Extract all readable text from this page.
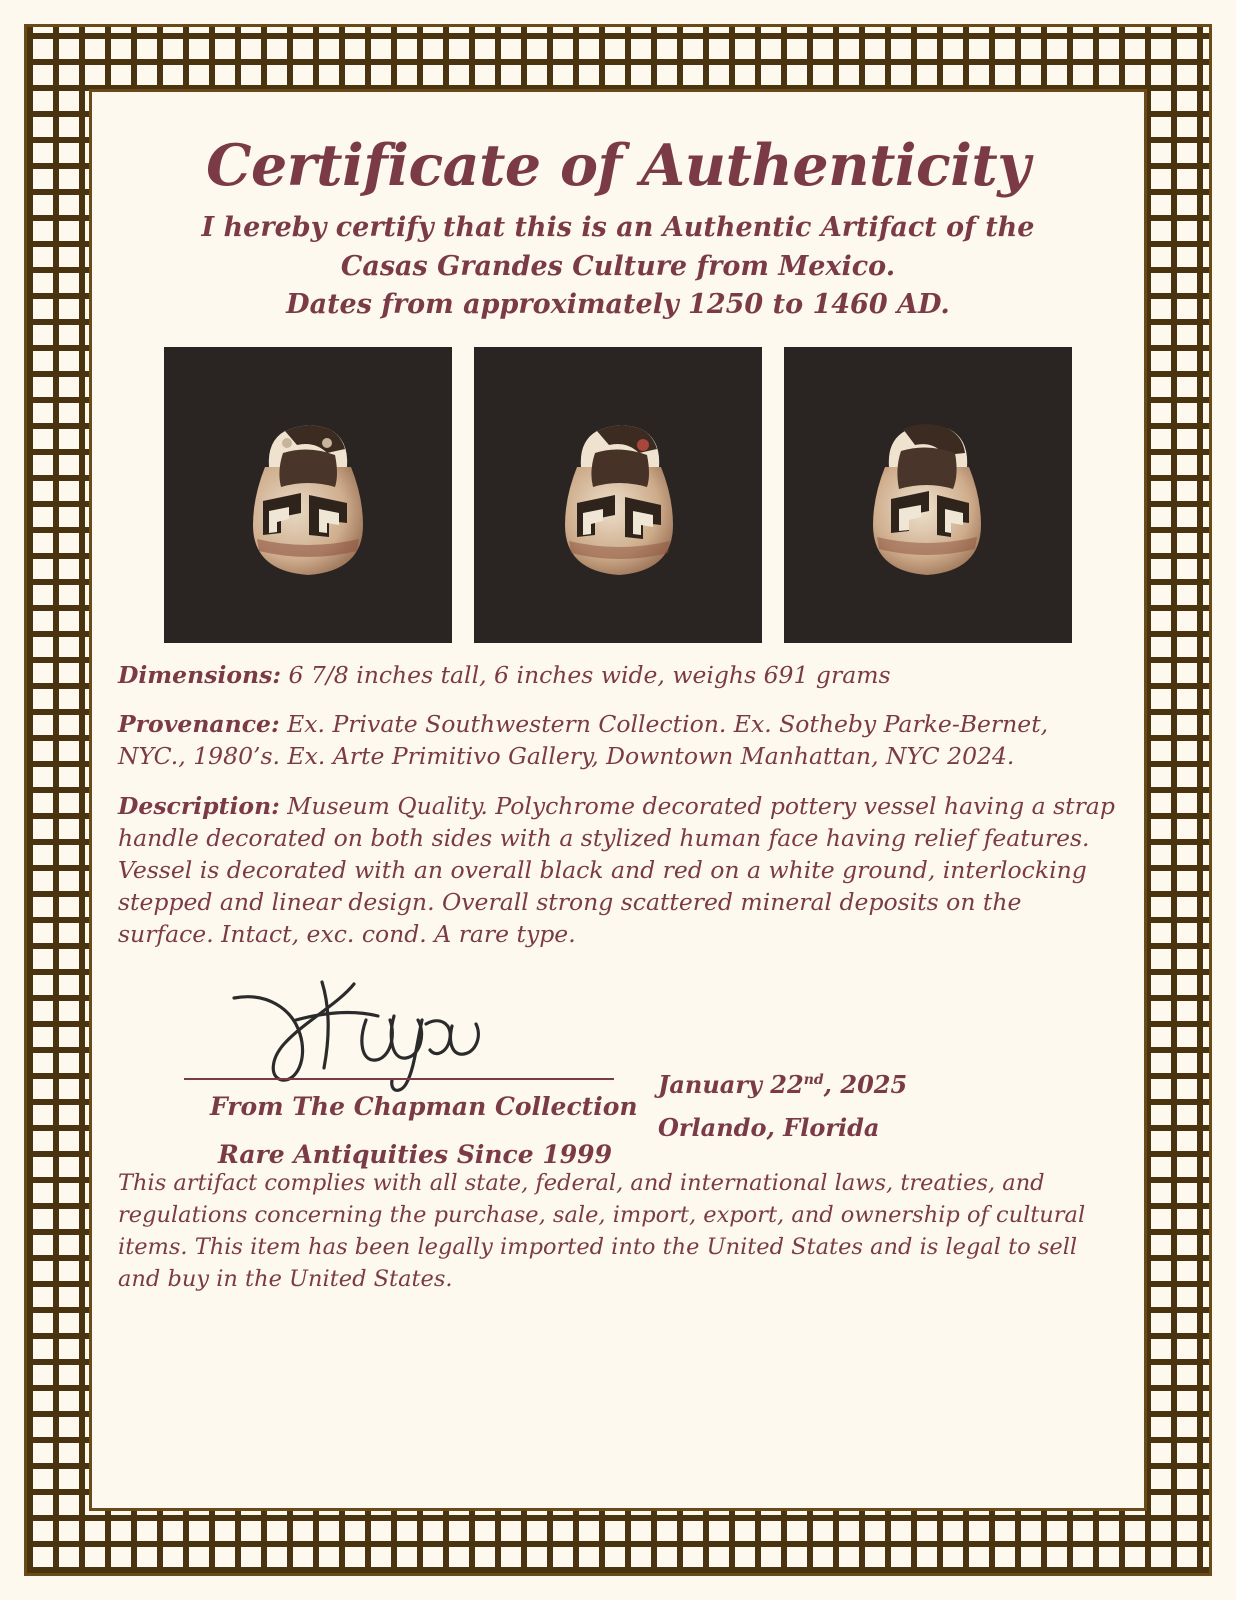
Certificate of Authenticity
I hereby certify that this is an Authentic Artifact of the
Casas Grandes Culture from Mexico.
Dates from approximately 1250 to 1460 AD.
Dimensions: 6 7/8 inches tall, 6 inches wide, weighs 691 grams
Provenance: Ex. Private Southwestern Collection. Ex. Sotheby Parke-Bernet, NYC., 1980’s. Ex. Arte Primitivo Gallery, Downtown Manhattan, NYC 2024.
Description: Museum Quality. Polychrome decorated pottery vessel having a strap handle decorated on both sides with a stylized human face having relief features. Vessel is decorated with an overall black and red on a white ground, interlocking stepped and linear design. Overall strong scattered mineral deposits on the surface. Intact, exc. cond. A rare type.
From The Chapman Collection
Rare Antiquities Since 1999
January 22nd, 2025
Orlando, Florida
This artifact complies with all state, federal, and international laws, treaties, and regulations concerning the purchase, sale, import, export, and ownership of cultural items. This item has been legally imported into the United States and is legal to sell and buy in the United States.
